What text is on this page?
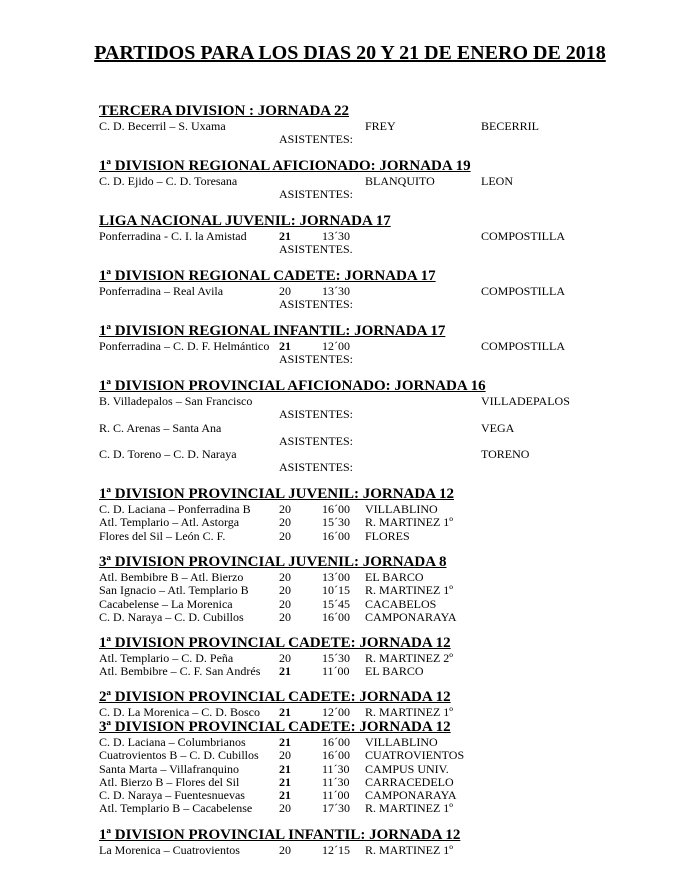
PARTIDOS PARA LOS DIAS 20 Y 21 DE ENERO DE 2018
TERCERA DIVISION : JORNADA 22
C. D. Becerril – S. Uxama	FREY	BECERRIL
ASISTENTES:
1ª DIVISION REGIONAL AFICIONADO: JORNADA 19
C. D. Ejido – C. D. Toresana	BLANQUITO	LEON
ASISTENTES:
LIGA NACIONAL JUVENIL: JORNADA 17
Ponferradina - C. I. la Amistad	21	13´30	COMPOSTILLA
ASISTENTES.
1ª DIVISION REGIONAL CADETE: JORNADA 17
Ponferradina – Real Avila	20	13´30	COMPOSTILLA
ASISTENTES:
1ª DIVISION REGIONAL INFANTIL: JORNADA 17
Ponferradina – C. D. F. Helmántico 21	12´00	COMPOSTILLA
ASISTENTES:
1ª DIVISION PROVINCIAL AFICIONADO: JORNADA 16
B. Villadepalos – San Francisco	VILLADEPALOS
ASISTENTES:
R. C. Arenas – Santa Ana	VEGA
ASISTENTES:
C. D. Toreno – C. D. Naraya	TORENO
ASISTENTES:
1ª DIVISION PROVINCIAL JUVENIL: JORNADA 12
C. D. Laciana – Ponferradina B 20	16´00 VILLABLINO
Atl. Templario – Atl. Astorga	20	15´30 R. MARTINEZ 1º
Flores del Sil – León C. F.	20	16´00 FLORES
3ª DIVISION PROVINCIAL JUVENIL: JORNADA 8
Atl. Bembibre B – Atl. Bierzo	20	13´00 EL BARCO
San Ignacio – Atl. Templario B	20	10´15 R. MARTINEZ 1º
Cacabelense – La Morenica	20	15´45 CACABELOS
C. D. Naraya – C. D. Cubillos	20	16´00 CAMPONARAYA
1ª DIVISION PROVINCIAL CADETE: JORNADA 12
Atl. Templario – C. D. Peña	20	15´30 R. MARTINEZ 2º
Atl. Bembibre – C. F. San Andrés 21	11´00 EL BARCO
2ª DIVISION PROVINCIAL CADETE: JORNADA 12
C. D. La Morenica – C. D. Bosco 21	12´00 R. MARTINEZ 1º
3ª DIVISION PROVINCIAL CADETE: JORNADA 12
C. D. Laciana – Columbrianos	21	16´00 VILLABLINO
Cuatrovientos B – C. D. Cubillos 20	16´00 CUATROVIENTOS
Santa Marta – Villafranquino	21	11´30 CAMPUS UNIV.
Atl. Bierzo B – Flores del Sil	21	11´30 CARRACEDELO
C. D. Naraya – Fuentesnuevas	21	11´00 CAMPONARAYA
Atl. Templario B – Cacabelense 20	17´30 R. MARTINEZ 1º
1ª DIVISION PROVINCIAL INFANTIL: JORNADA 12
La Morenica – Cuatrovientos	20	12´15 R. MARTINEZ 1º
